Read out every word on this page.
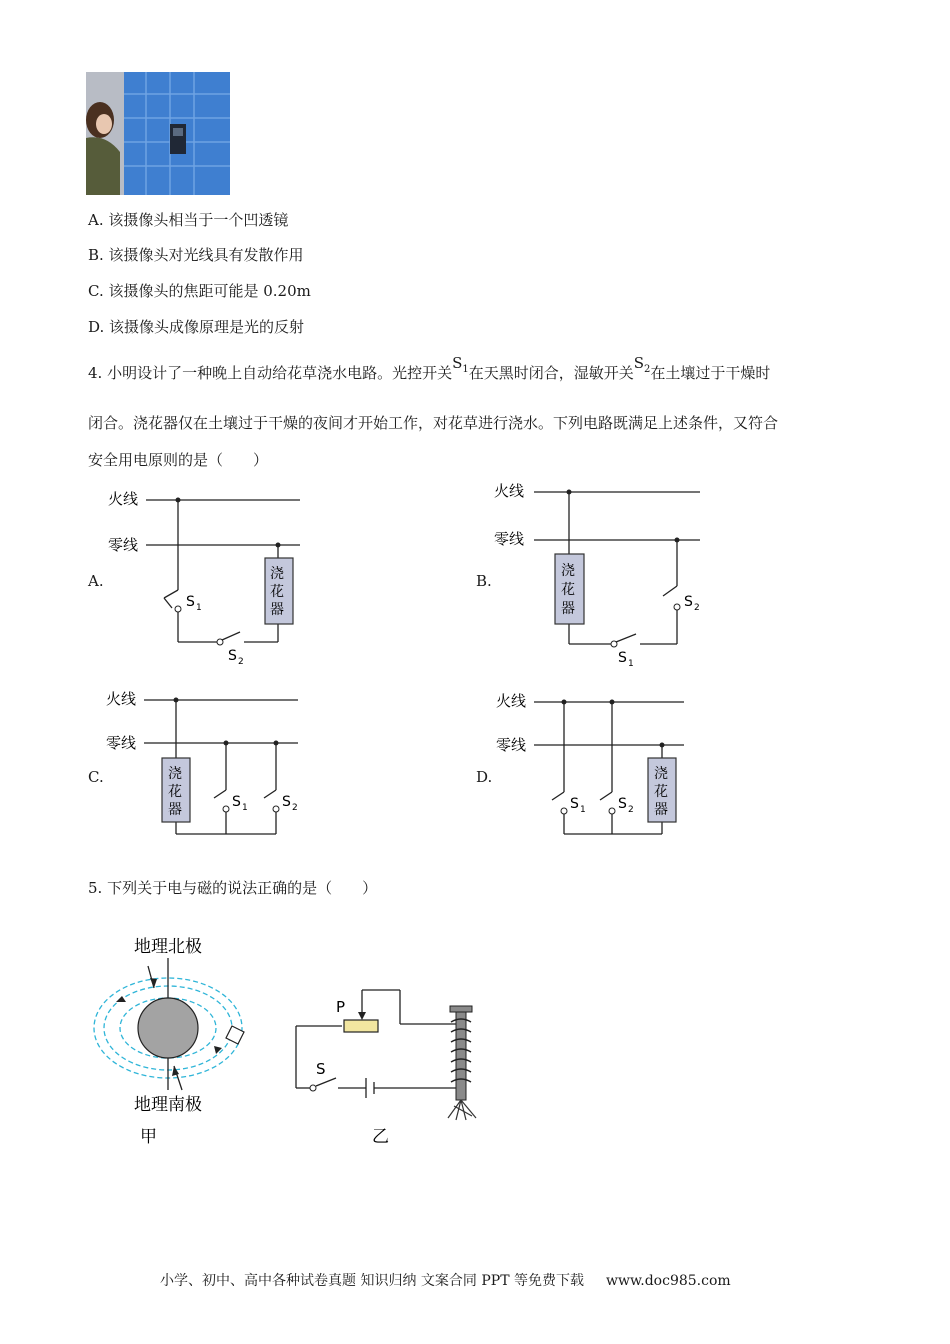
A. 该摄像头相当于一个凹透镜
B. 该摄像头对光线具有发散作用
C. 该摄像头的焦距可能是 0.20m
D. 该摄像头成像原理是光的反射
4. 小明设计了一种晚上自动给花草浇水电路。光控开关$S_1$在天黑时闭合，湿敏开关$S_2$在土壤过于干燥时
闭合。浇花器仅在土壤过于干燥的夜间才开始工作，对花草进行浇水。下列电路既满足上述条件，又符合
安全用电原则的是（　　）
A.	B.
C.	D.
火线
零线
浇
花
器
S 1
S 2
火线
零线
浇
花
器	S 2
S 1
火线
零线
浇
花
器	S 1 S 2
火线
零线
浇
花
器
S 1 S 2
5. 下列关于电与磁的说法正确的是（　　）
地理北极
地理南极
甲
P
S
乙
小学、初中、高中各种试卷真题 知识归纳 文案合同 PPT 等免费下载 www.doc985.com
